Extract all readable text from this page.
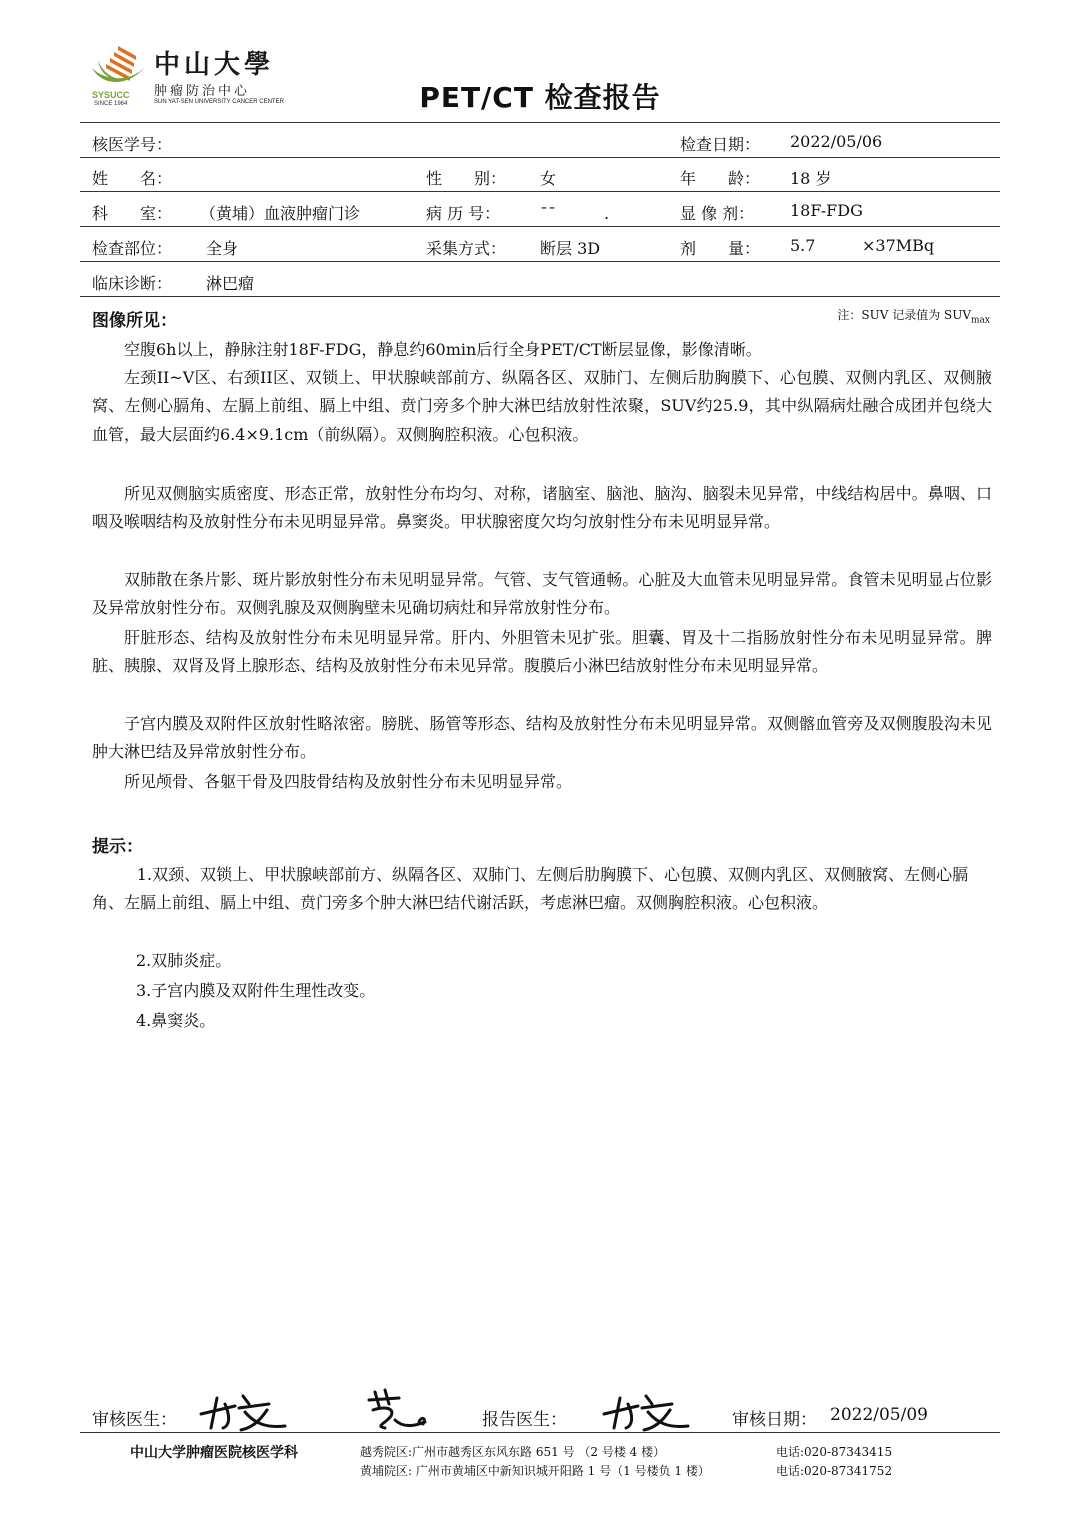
SYSUCC
SINCE 1964
中山大學
肿瘤防治中心
SUN YAT-SEN UNIVERSITY CANCER CENTER	PET/CT 检查报告
核医学号：	检查日期： 2022/05/06
姓　　名：	性　　别： 女	年　　龄： 18 岁
科　　室： （黄埔）血液肿瘤门诊	病 历 号： ˉˉ　　　.	显 像 剂： 18F-FDG
检查部位： 全身	采集方式： 断层 3D	剂　　量： 5.7	×37MBq
临床诊断： 淋巴瘤
图像所见：	注：SUV 记录值为 $SUV_{max}$

空腹6h以上，静脉注射18F-FDG，静息约60min后行全身PET/CT断层显像，影像清晰。

左颈II~V区、右颈II区、双锁上、甲状腺峡部前方、纵隔各区、双肺门、左侧后肋胸膜下、心包膜、双侧内乳区、双侧腋窝、左侧心膈角、左膈上前组、膈上中组、贲门旁多个肿大淋巴结放射性浓聚，SUV约25.9，其中纵隔病灶融合成团并包绕大血管，最大层面约6.4×9.1cm（前纵隔）。双侧胸腔积液。心包积液。

所见双侧脑实质密度、形态正常，放射性分布均匀、对称，诸脑室、脑池、脑沟、脑裂未见异常，中线结构居中。鼻咽、口咽及喉咽结构及放射性分布未见明显异常。鼻窦炎。甲状腺密度欠均匀放射性分布未见明显异常。

双肺散在条片影、斑片影放射性分布未见明显异常。气管、支气管通畅。心脏及大血管未见明显异常。食管未见明显占位影及异常放射性分布。双侧乳腺及双侧胸壁未见确切病灶和异常放射性分布。

肝脏形态、结构及放射性分布未见明显异常。肝内、外胆管未见扩张。胆囊、胃及十二指肠放射性分布未见明显异常。脾脏、胰腺、双肾及肾上腺形态、结构及放射性分布未见异常。腹膜后小淋巴结放射性分布未见明显异常。

子宫内膜及双附件区放射性略浓密。膀胱、肠管等形态、结构及放射性分布未见明显异常。双侧髂血管旁及双侧腹股沟未见肿大淋巴结及异常放射性分布。

所见颅骨、各躯干骨及四肢骨结构及放射性分布未见明显异常。

提示：

1.双颈、双锁上、甲状腺峡部前方、纵隔各区、双肺门、左侧后肋胸膜下、心包膜、双侧内乳区、双侧腋窝、左侧心膈角、左膈上前组、膈上中组、贲门旁多个肿大淋巴结代谢活跃，考虑淋巴瘤。双侧胸腔积液。心包积液。

2.双肺炎症。

3.子宫内膜及双附件生理性改变。

4.鼻窦炎。

审核医生：	报告医生：	审核日期： 2022/05/09
中山大学肿瘤医院核医学科	越秀院区:广州市越秀区东风东路 651 号 （2 号楼 4 楼）	电话:020-87343415
黄埔院区: 广州市黄埔区中新知识城开阳路 1 号（1 号楼负 1 楼）	电话:020-87341752
